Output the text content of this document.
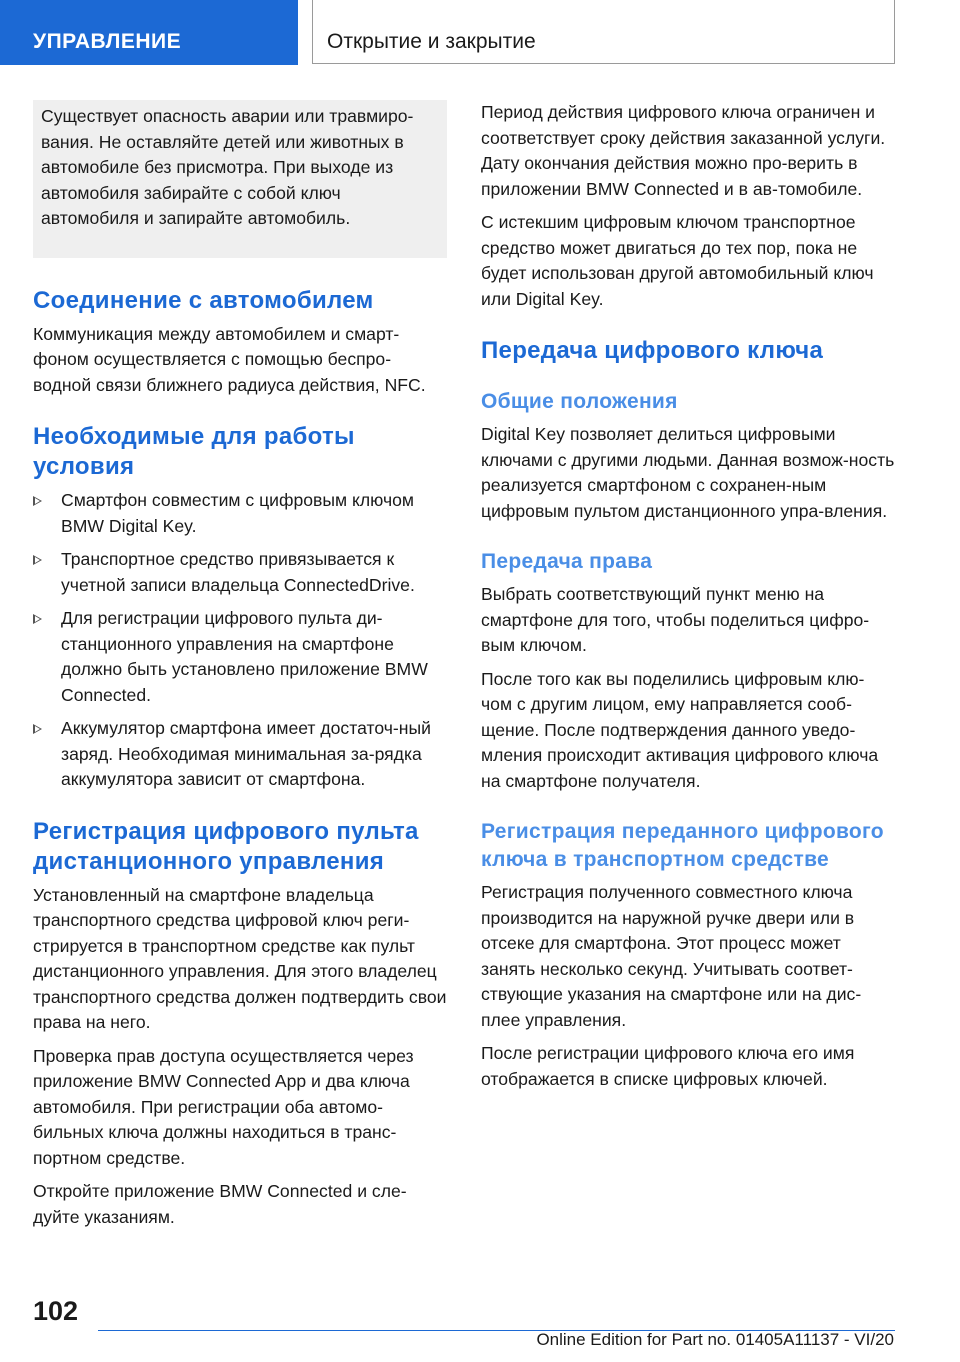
УПРАВЛЕНИЕ	Открытие и закрытие

Существует опасность аварии или травмиро-вания. Не оставляйте детей или животных в автомобиле без присмотра. При выходе из автомобиля забирайте с собой ключ автомобиля и запирайте автомобиль.

Соединение с автомобилем

Коммуникация между автомобилем и смарт-фоном осуществляется с помощью беспро-водной связи ближнего радиуса действия, NFC.

Необходимые для работы условия
Смартфон совместим с цифровым ключом BMW Digital Key.
Транспортное средство привязывается к учетной записи владельца ConnectedDrive.
Для регистрации цифрового пульта ди-станционного управления на смартфоне должно быть установлено приложение BMW Connected.
Аккумулятор смартфона имеет достаточ-ный заряд. Необходимая минимальная за-рядка аккумулятора зависит от смартфона.
Регистрация цифрового пульта дистанционного управления

Установленный на смартфоне владельца транспортного средства цифровой ключ реги-стрируется в транспортном средстве как пульт дистанционного управления. Для этого владелец транспортного средства должен подтвердить свои права на него.

Проверка прав доступа осуществляется через приложение BMW Connected App и два ключа автомобиля. При регистрации оба автомо-бильных ключа должны находиться в транс-портном средстве.

Откройте приложение BMW Connected и сле-дуйте указаниям.

Период действия цифрового ключа ограничен и соответствует сроку действия заказанной услуги. Дату окончания действия можно про-верить в приложении BMW Connected и в ав-томобиле.

С истекшим цифровым ключом транспортное средство может двигаться до тех пор, пока не будет использован другой автомобильный ключ или Digital Key.

Передача цифрового ключа
Общие положения

Digital Key позволяет делиться цифровыми ключами с другими людьми. Данная возмож-ность реализуется смартфоном с сохранен-ным цифровым пультом дистанционного упра-вления.

Передача права

Выбрать соответствующий пункт меню на смартфоне для того, чтобы поделиться цифро-вым ключом.

После того как вы поделились цифровым клю-чом с другим лицом, ему направляется сооб-щение. После подтверждения данного уведо-мления происходит активация цифрового ключа на смартфоне получателя.

Регистрация переданного цифрового ключа в транспортном средстве

Регистрация полученного совместного ключа производится на наружной ручке двери или в отсеке для смартфона. Этот процесс может занять несколько секунд. Учитывать соответ-ствующие указания на смартфоне или на дис-плее управления.

После регистрации цифрового ключа его имя отображается в списке цифровых ключей.

102
Online Edition for Part no. 01405A11137 - VI/20
